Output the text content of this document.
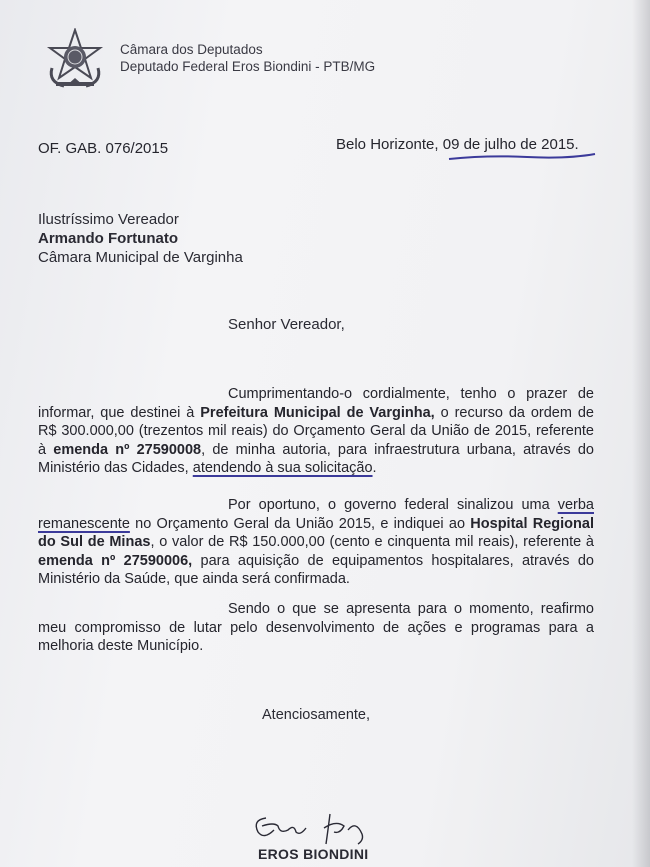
Câmara dos Deputados
Deputado Federal Eros Biondini - PTB/MG
OF. GAB. 076/2015	Belo Horizonte, 09 de julho de 2015.
Ilustríssimo Vereador
Armando Fortunato
Câmara Municipal de Varginha
Senhor Vereador,
Cumprimentando-o cordialmente, tenho o prazer de informar, que destinei à Prefeitura Municipal de Varginha, o recurso da ordem de R$ 300.000,00 (trezentos mil reais) do Orçamento Geral da União de 2015, referente à emenda nº 27590008, de minha autoria, para infraestrutura urbana, através do Ministério das Cidades, atendendo à sua solicitação.
Por oportuno, o governo federal sinalizou uma verba remanescente no Orçamento Geral da União 2015, e indiquei ao Hospital Regional do Sul de Minas, o valor de R$ 150.000,00 (cento e cinquenta mil reais), referente à emenda nº 27590006, para aquisição de equipamentos hospitalares, através do Ministério da Saúde, que ainda será confirmada.
Sendo o que se apresenta para o momento, reafirmo meu compromisso de lutar pelo desenvolvimento de ações e programas para a melhoria deste Município.
Atenciosamente,
EROS BIONDINI
